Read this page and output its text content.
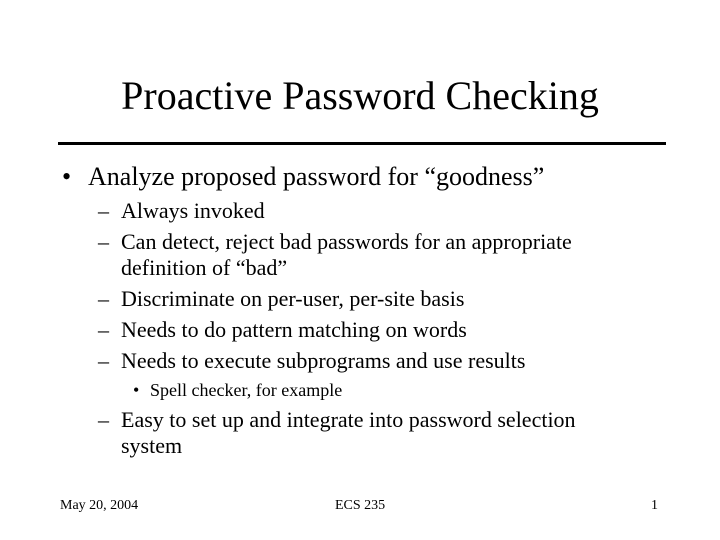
Proactive Password Checking
• Analyze proposed password for “goodness”
– Always invoked
– Can detect, reject bad passwords for an appropriate definition of “bad”
– Discriminate on per-user, per-site basis
– Needs to do pattern matching on words
– Needs to execute subprograms and use results
• Spell checker, for example
– Easy to set up and integrate into password selection system
May 20, 2004	ECS 235	1
